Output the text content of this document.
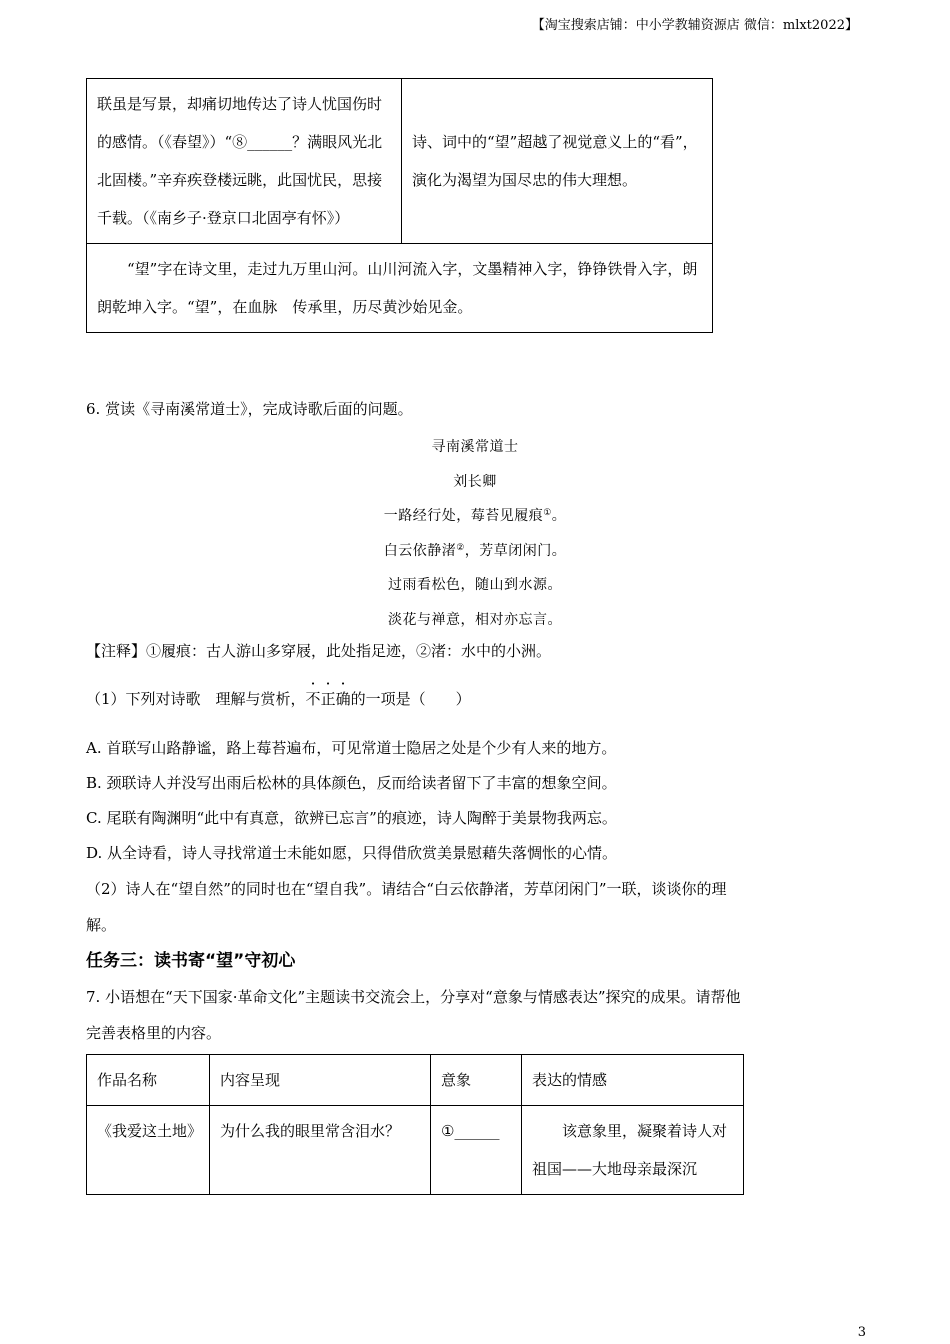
【淘宝搜索店铺：中小学教辅资源店 微信：mlxt2022】
联虽是写景，却痛切地传达了诗人忧国伤时的感情。（《春望》）“⑧______？满眼风光北北固楼。”辛弃疾登楼远眺，此国忧民，思接千载。（《南乡子·登京口北固亭有怀》）	诗、词中的“望”超越了视觉意义上的“看”，演化为渴望为国尽忠的伟大理想。
“望”字在诗文里，走过九万里山河。山川河流入字，文墨精神入字，铮铮铁骨入字，朗朗乾坤入字。“望”，在血脉　传承里，历尽黄沙始见金。
6. 赏读《寻南溪常道士》，完成诗歌后面的问题。
寻南溪常道士
刘长卿
一路经行处，莓苔见履痕①。
白云依静渚②，芳草闭闲门。
过雨看松色，随山到水源。
淡花与禅意，相对亦忘言。
【注释】①履痕：古人游山多穿屐，此处指足迹，②渚：水中的小洲。
（1）下列对诗歌　理解与赏析，不正确的一项是（　　）
A. 首联写山路静谧，路上莓苔遍布，可见常道士隐居之处是个少有人来的地方。
B. 颈联诗人并没写出雨后松林的具体颜色，反而给读者留下了丰富的想象空间。
C. 尾联有陶渊明“此中有真意，欲辨已忘言”的痕迹，诗人陶醉于美景物我两忘。
D. 从全诗看，诗人寻找常道士未能如愿，只得借欣赏美景慰藉失落惆怅的心情。
（2）诗人在“望自然”的同时也在“望自我”。请结合“白云依静渚，芳草闭闲门”一联，谈谈你的理
解。
任务三：读书寄“望”守初心
7. 小语想在“天下国家·革命文化”主题读书交流会上，分享对“意象与情感表达”探究的成果。请帮他
完善表格里的内容。
作品名称	内容呈现	意象	表达的情感
《我爱这土地》	为什么我的眼里常含泪水？	①______	该意象里，凝聚着诗人对祖国——大地母亲最深沉
3
